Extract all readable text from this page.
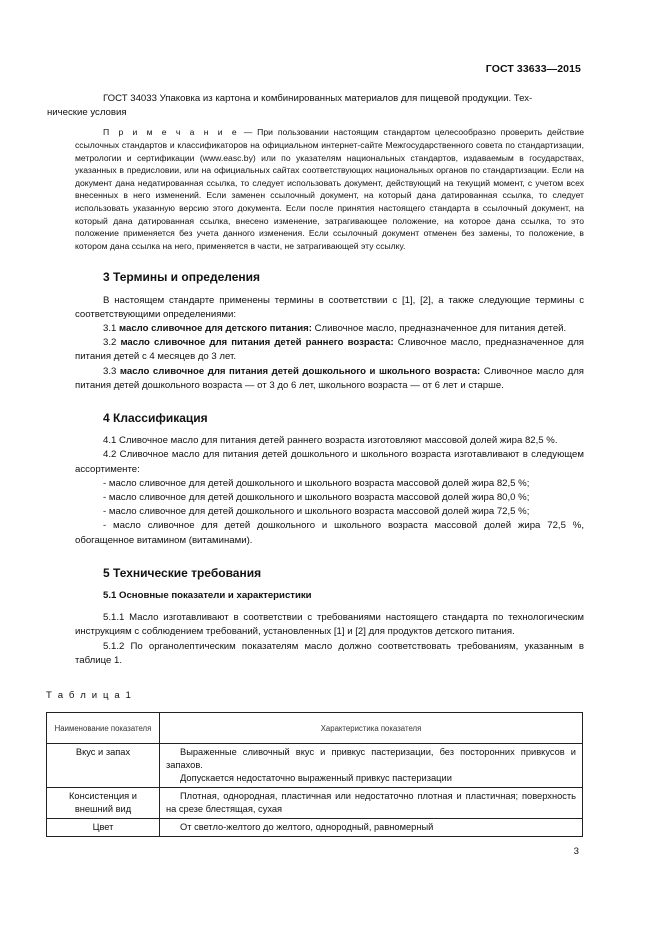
ГОСТ 33633—2015

ГОСТ 34033 Упаковка из картона и комбинированных материалов для пищевой продукции. Тех-
нические условия

П р и м е ч а н и е — При пользовании настоящим стандартом целесообразно проверить действие ссылочных стандартов и классификаторов на официальном интернет-сайте Межгосударственного совета по стандартизации, метрологии и сертификации (www.easc.by) или по указателям национальных стандартов, издаваемым в государствах, указанных в предисловии, или на официальных сайтах соответствующих национальных органов по стандартизации. Если на документ дана недатированная ссылка, то следует использовать документ, действующий на текущий момент, с учетом всех внесенных в него изменений. Если заменен ссылочный документ, на который дана датированная ссылка, то следует использовать указанную версию этого документа. Если после принятия настоящего стандарта в ссылочный документ, на который дана датированная ссылка, внесено изменение, затрагивающее положение, на которое дана ссылка, то это положение применяется без учета данного изменения. Если ссылочный документ отменен без замены, то положение, в котором дана ссылка на него, применяется в части, не затрагивающей эту ссылку.

3 Термины и определения

В настоящем стандарте применены термины в соответствии с [1], [2], а также следующие термины с соответствующими определениями:

3.1 масло сливочное для детского питания: Сливочное масло, предназначенное для питания детей.

3.2 масло сливочное для питания детей раннего возраста: Сливочное масло, предназначенное для питания детей с 4 месяцев до 3 лет.

3.3 масло сливочное для питания детей дошкольного и школьного возраста: Сливочное масло для питания детей дошкольного возраста — от 3 до 6 лет, школьного возраста — от 6 лет и старше.

4 Классификация

4.1 Сливочное масло для питания детей раннего возраста изготовляют массовой долей жира 82,5 %.

4.2 Сливочное масло для питания детей дошкольного и школьного возраста изготавливают в следующем ассортименте:

- масло сливочное для детей дошкольного и школьного возраста массовой долей жира 82,5 %;

- масло сливочное для детей дошкольного и школьного возраста массовой долей жира 80,0 %;

- масло сливочное для детей дошкольного и школьного возраста массовой долей жира 72,5 %;

- масло сливочное для детей дошкольного и школьного возраста массовой долей жира 72,5 %, обогащенное витамином (витаминами).

5 Технические требования
5.1 Основные показатели и характеристики

5.1.1 Масло изготавливают в соответствии с требованиями настоящего стандарта по технологическим инструкциям с соблюдением требований, установленных [1] и [2] для продуктов детского питания.

5.1.2 По органолептическим показателям масло должно соответствовать требованиям, указанным в таблице 1.

Т а б л и ц а 1
Наименование показателя	Характеристика показателя
Вкус и запах	Выраженные сливочный вкус и привкус пастеризации, без посторонних привкусов и запахов.
Допускается недостаточно выраженный привкус пастеризации

Консистенция и внешний вид	Плотная, однородная, пластичная или недостаточно плотная и пластичная; поверхность на срезе блестящая, сухая

Цвет	От светло-желтого до желтого, однородный, равномерный
3
